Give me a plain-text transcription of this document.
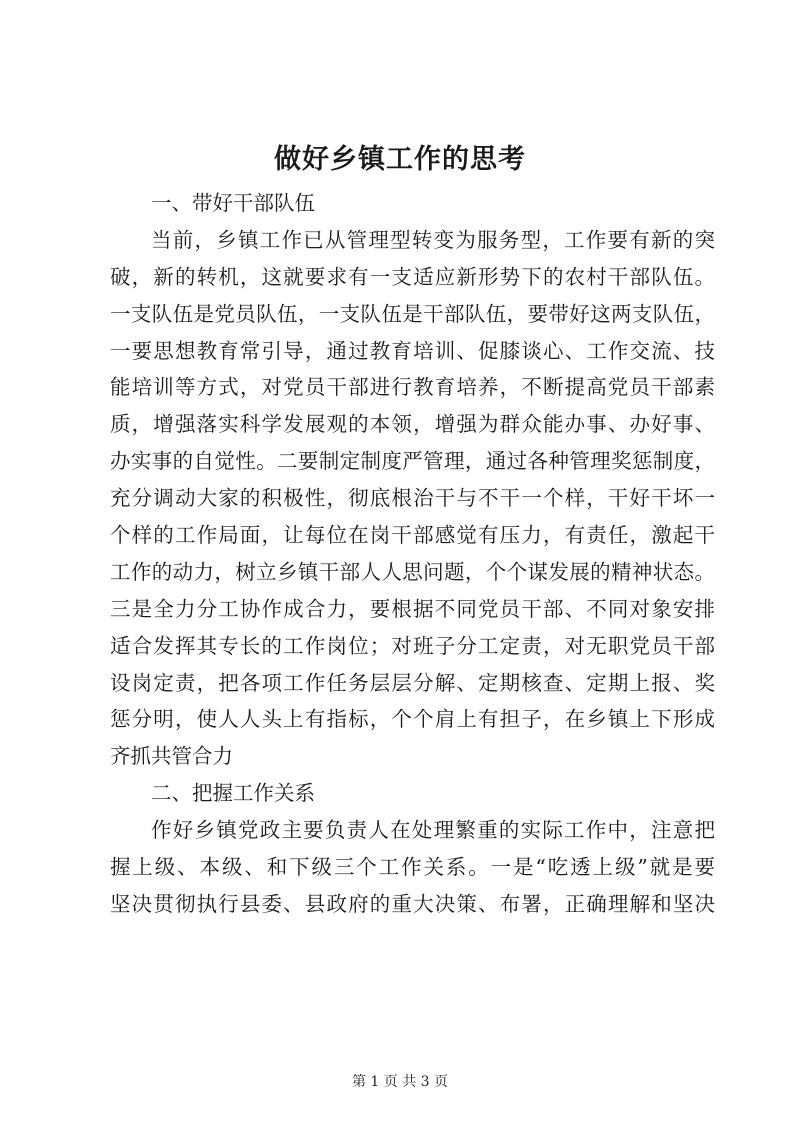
做好乡镇工作的思考
一、带好干部队伍
当前，乡镇工作已从管理型转变为服务型，工作要有新的突
破，新的转机，这就要求有一支适应新形势下的农村干部队伍。
一支队伍是党员队伍，一支队伍是干部队伍，要带好这两支队伍，
一要思想教育常引导，通过教育培训、促膝谈心、工作交流、技
能培训等方式，对党员干部进行教育培养，不断提高党员干部素
质，增强落实科学发展观的本领，增强为群众能办事、办好事、
办实事的自觉性。二要制定制度严管理，通过各种管理奖惩制度，
充分调动大家的积极性，彻底根治干与不干一个样，干好干坏一
个样的工作局面，让每位在岗干部感觉有压力，有责任，激起干
工作的动力，树立乡镇干部人人思问题，个个谋发展的精神状态。
三是全力分工协作成合力，要根据不同党员干部、不同对象安排
适合发挥其专长的工作岗位；对班子分工定责，对无职党员干部
设岗定责，把各项工作任务层层分解、定期核查、定期上报、奖
惩分明，使人人头上有指标，个个肩上有担子，在乡镇上下形成
齐抓共管合力
二、把握工作关系
作好乡镇党政主要负责人在处理繁重的实际工作中，注意把
握上级、本级、和下级三个工作关系。一是“吃透上级”就是要
坚决贯彻执行县委、县政府的重大决策、布署，正确理解和坚决
第 1 页 共 3 页
